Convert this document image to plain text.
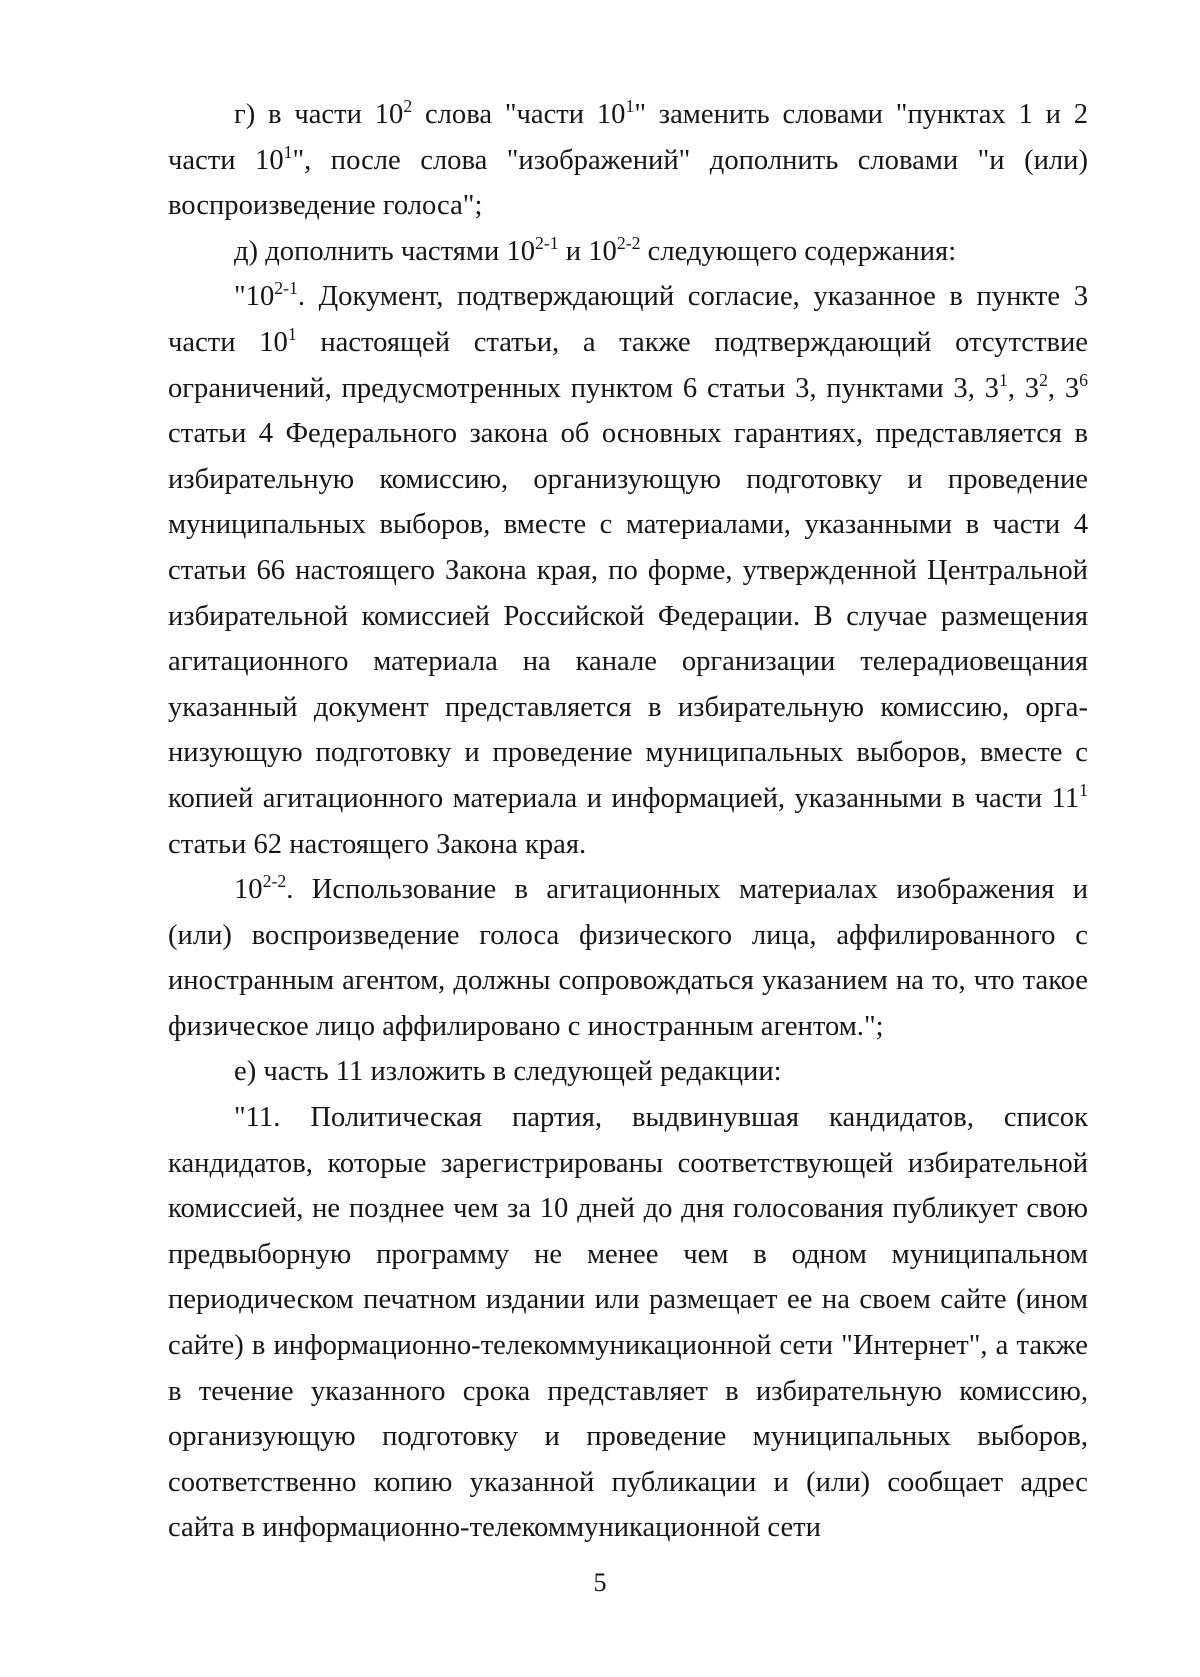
г) в части $10^2$ слова "части $10^1$" заменить словами "пунктах 1 и 2 части $10^1$", после слова "изображений" дополнить словами "и (или) воспроизведение голоса";

д) дополнить частями 10$^{2-1}$ и 10$^{2-2}$ следующего содержания:

"10$^{2-1}$. Документ, подтверждающий согласие, указанное в пункте 3 части $10^1$ настоящей статьи, а также подтверждающий отсутствие ограничений, предусмотренных пунктом 6 статьи 3, пунктами 3, $3^1$, $3^2$, $3^6$ статьи 4 Федерального закона об основных гарантиях, представляется в избирательную комиссию, организующую подготовку и проведение муниципальных выборов, вместе с материалами, указанными в части 4 статьи 66 настоящего Закона края, по форме, утвержденной Центральной избирательной комиссией Российской Федерации. В случае размещения агитационного материала на канале организации телерадиовещания указанный документ представляется в избирательную комиссию, организующую подготовку и проведение муниципальных выборов, вместе с копией агитационного материала и информацией, указанными в части $11^1$ статьи 62 настоящего Закона края.

10$^{2-2}$. Использование в агитационных материалах изображения и (или) воспроизведение голоса физического лица, аффилированного с иностранным агентом, должны сопровождаться указанием на то, что такое физическое лицо аффилировано с иностранным агентом.";

е) часть 11 изложить в следующей редакции:

"11. Политическая партия, выдвинувшая кандидатов, список кандидатов, которые зарегистрированы соответствующей избирательной комиссией, не позднее чем за 10 дней до дня голосования публикует свою предвыборную программу не менее чем в одном муниципальном периодическом печатном издании или размещает ее на своем сайте (ином сайте) в информационно-телекоммуникационной сети "Интернет", а также в течение указанного срока представляет в избирательную комиссию, организующую подготовку и проведение муниципальных выборов, соответственно копию указанной публикации и (или) сообщает адрес сайта в информационно-телекоммуникационной сети

5
